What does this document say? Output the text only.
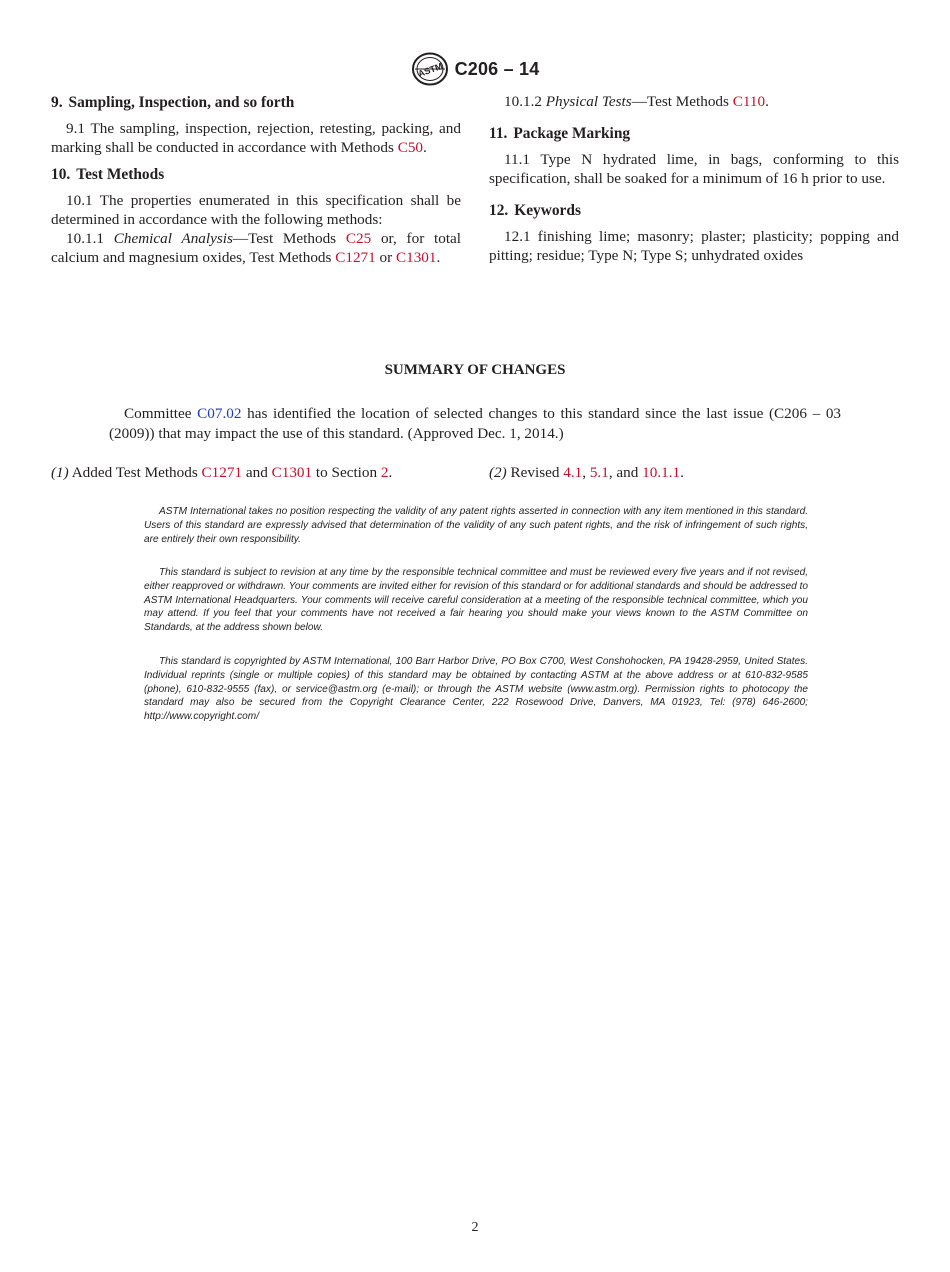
ASTM C206 – 14
9. Sampling, Inspection, and so forth

9.1 The sampling, inspection, rejection, retesting, packing, and marking shall be conducted in accordance with Methods C50.

10. Test Methods

10.1 The properties enumerated in this specification shall be determined in accordance with the following methods:

10.1.1 Chemical Analysis—Test Methods C25 or, for total calcium and magnesium oxides, Test Methods C1271 or C1301.

10.1.2 Physical Tests—Test Methods C110.

11. Package Marking

11.1 Type N hydrated lime, in bags, conforming to this specification, shall be soaked for a minimum of 16 h prior to use.

12. Keywords

12.1 finishing lime; masonry; plaster; plasticity; popping and pitting; residue; Type N; Type S; unhydrated oxides

SUMMARY OF CHANGES

Committee C07.02 has identified the location of selected changes to this standard since the last issue (C206 – 03 (2009)) that may impact the use of this standard. (Approved Dec. 1, 2014.)

(1) Added Test Methods C1271 and C1301 to Section 2.	(2) Revised 4.1, 5.1, and 10.1.1.

ASTM International takes no position respecting the validity of any patent rights asserted in connection with any item mentioned in this standard. Users of this standard are expressly advised that determination of the validity of any such patent rights, and the risk of infringement of such rights, are entirely their own responsibility.

This standard is subject to revision at any time by the responsible technical committee and must be reviewed every five years and if not revised, either reapproved or withdrawn. Your comments are invited either for revision of this standard or for additional standards and should be addressed to ASTM International Headquarters. Your comments will receive careful consideration at a meeting of the responsible technical committee, which you may attend. If you feel that your comments have not received a fair hearing you should make your views known to the ASTM Committee on Standards, at the address shown below.

This standard is copyrighted by ASTM International, 100 Barr Harbor Drive, PO Box C700, West Conshohocken, PA 19428-2959, United States. Individual reprints (single or multiple copies) of this standard may be obtained by contacting ASTM at the above address or at 610-832-9585 (phone), 610-832-9555 (fax), or service@astm.org (e-mail); or through the ASTM website (www.astm.org). Permission rights to photocopy the standard may also be secured from the Copyright Clearance Center, 222 Rosewood Drive, Danvers, MA 01923, Tel: (978) 646-2600; http://www.copyright.com/

2
